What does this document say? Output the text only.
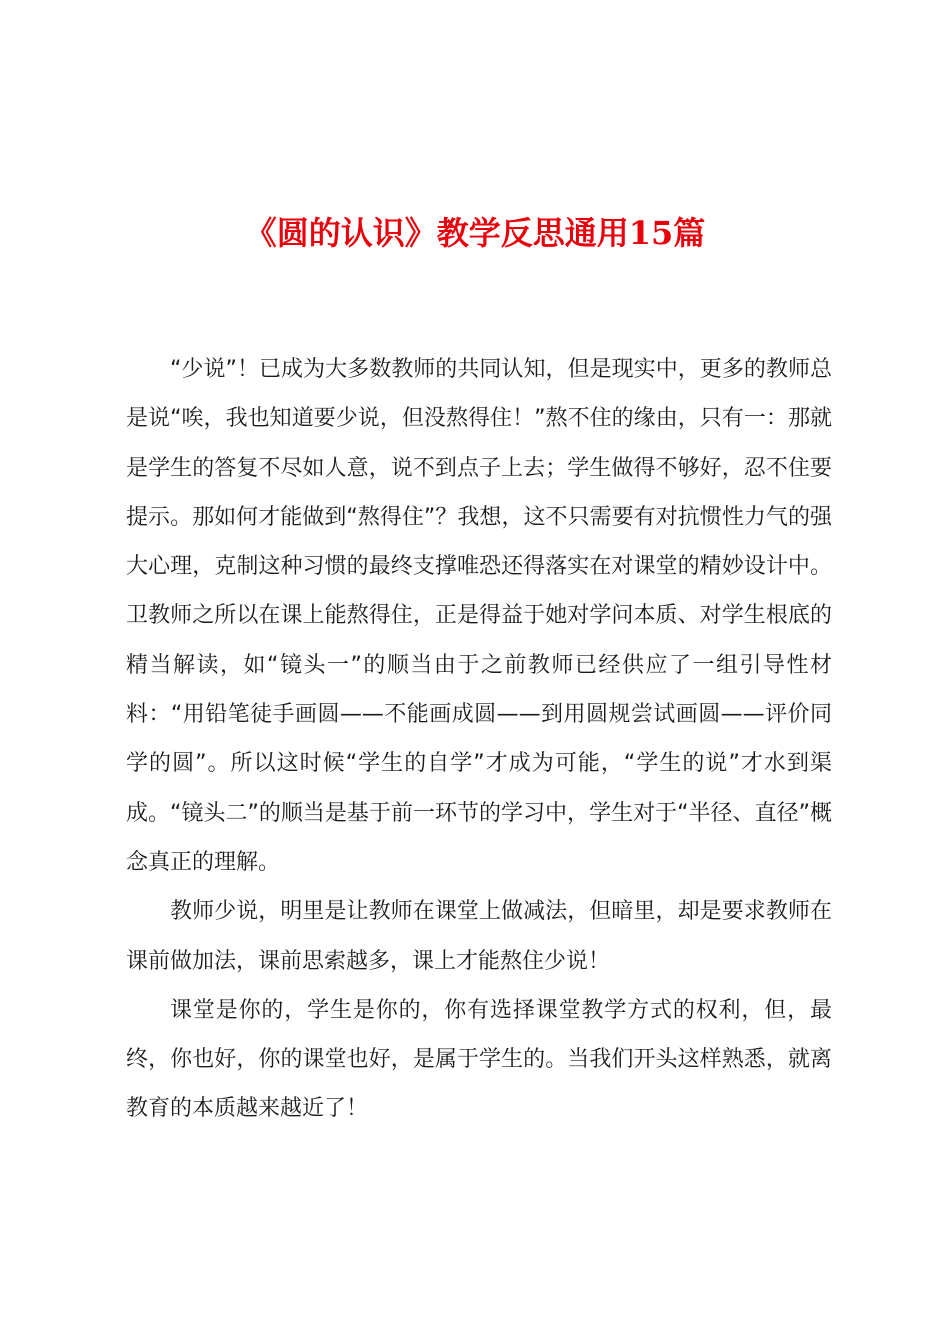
《圆的认识》教学反思通用15篇

“少说”！已成为大多数教师的共同认知，但是现实中，更多的教师总是说“唉，我也知道要少说，但没熬得住！”熬不住的缘由，只有一：那就是学生的答复不尽如人意，说不到点子上去；学生做得不够好，忍不住要提示。那如何才能做到“熬得住”？我想，这不只需要有对抗惯性力气的强大心理，克制这种习惯的最终支撑唯恐还得落实在对课堂的精妙设计中。卫教师之所以在课上能熬得住，正是得益于她对学问本质、对学生根底的精当解读，如“镜头一”的顺当由于之前教师已经供应了一组引导性材料：“用铅笔徒手画圆——不能画成圆——到用圆规尝试画圆——评价同学的圆”。所以这时候“学生的自学”才成为可能，“学生的说”才水到渠成。“镜头二”的顺当是基于前一环节的学习中，学生对于“半径、直径”概念真正的理解。

教师少说，明里是让教师在课堂上做减法，但暗里，却是要求教师在课前做加法，课前思索越多，课上才能熬住少说！

课堂是你的，学生是你的，你有选择课堂教学方式的权利，但，最终，你也好，你的课堂也好，是属于学生的。当我们开头这样熟悉，就离教育的本质越来越近了！
